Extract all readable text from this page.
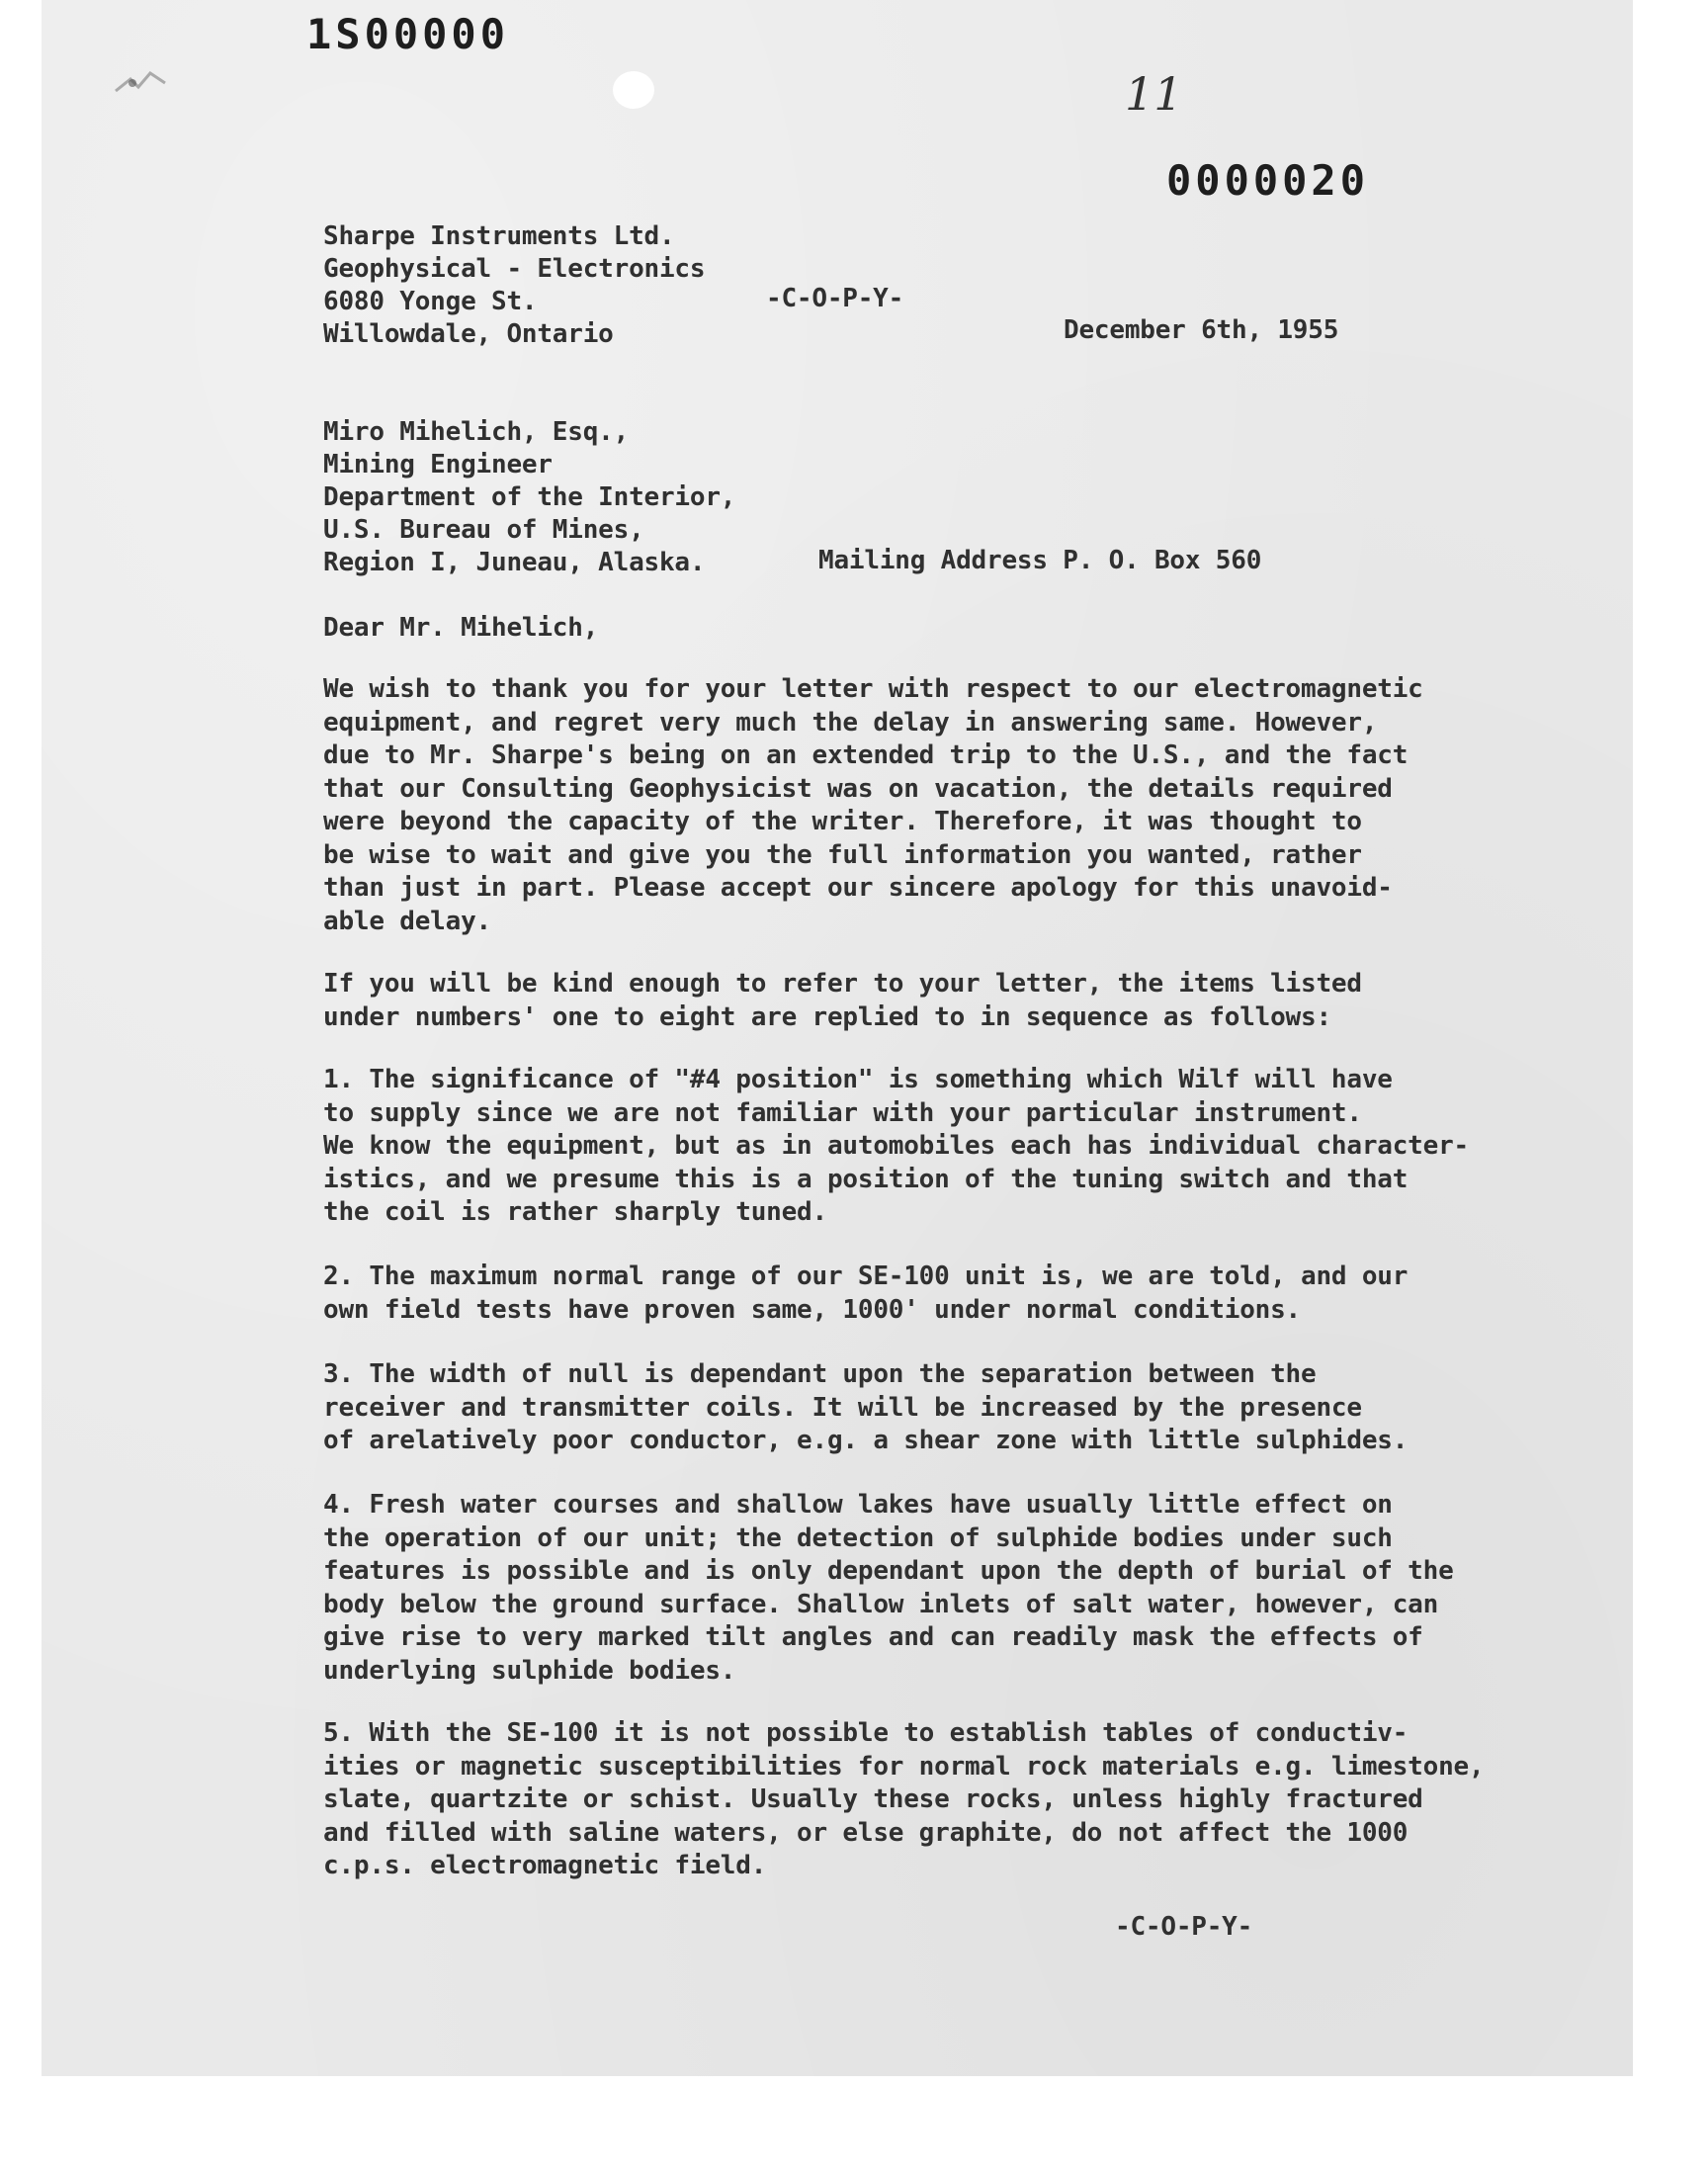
1S00000
11
0000020
Sharpe Instruments Ltd.
Geophysical - Electronics
6080 Yonge St.	-C-O-P-Y-
Willowdale, Ontario	December 6th, 1955
Miro Mihelich, Esq.,
Mining Engineer
Department of the Interior,
U.S. Bureau of Mines,
Region I, Juneau, Alaska.	Mailing Address P. O. Box 560
Dear Mr. Mihelich,
We wish to thank you for your letter with respect to our electromagnetic
equipment, and regret very much the delay in answering same. However,
due to Mr. Sharpe's being on an extended trip to the U.S., and the fact
that our Consulting Geophysicist was on vacation, the details required
were beyond the capacity of the writer. Therefore, it was thought to
be wise to wait and give you the full information you wanted, rather
than just in part. Please accept our sincere apology for this unavoid-
able delay.
If you will be kind enough to refer to your letter, the items listed
under numbers' one to eight are replied to in sequence as follows:
1. The significance of "#4 position" is something which Wilf will have
to supply since we are not familiar with your particular instrument.
We know the equipment, but as in automobiles each has individual character-
istics, and we presume this is a position of the tuning switch and that
the coil is rather sharply tuned.
2. The maximum normal range of our SE-100 unit is, we are told, and our
own field tests have proven same, 1000' under normal conditions.
3. The width of null is dependant upon the separation between the
receiver and transmitter coils. It will be increased by the presence
of arelatively poor conductor, e.g. a shear zone with little sulphides.
4. Fresh water courses and shallow lakes have usually little effect on
the operation of our unit; the detection of sulphide bodies under such
features is possible and is only dependant upon the depth of burial of the
body below the ground surface. Shallow inlets of salt water, however, can
give rise to very marked tilt angles and can readily mask the effects of
underlying sulphide bodies.
5. With the SE-100 it is not possible to establish tables of conductiv-
ities or magnetic susceptibilities for normal rock materials e.g. limestone,
slate, quartzite or schist. Usually these rocks, unless highly fractured
and filled with saline waters, or else graphite, do not affect the 1000
c.p.s. electromagnetic field.
-C-O-P-Y-
